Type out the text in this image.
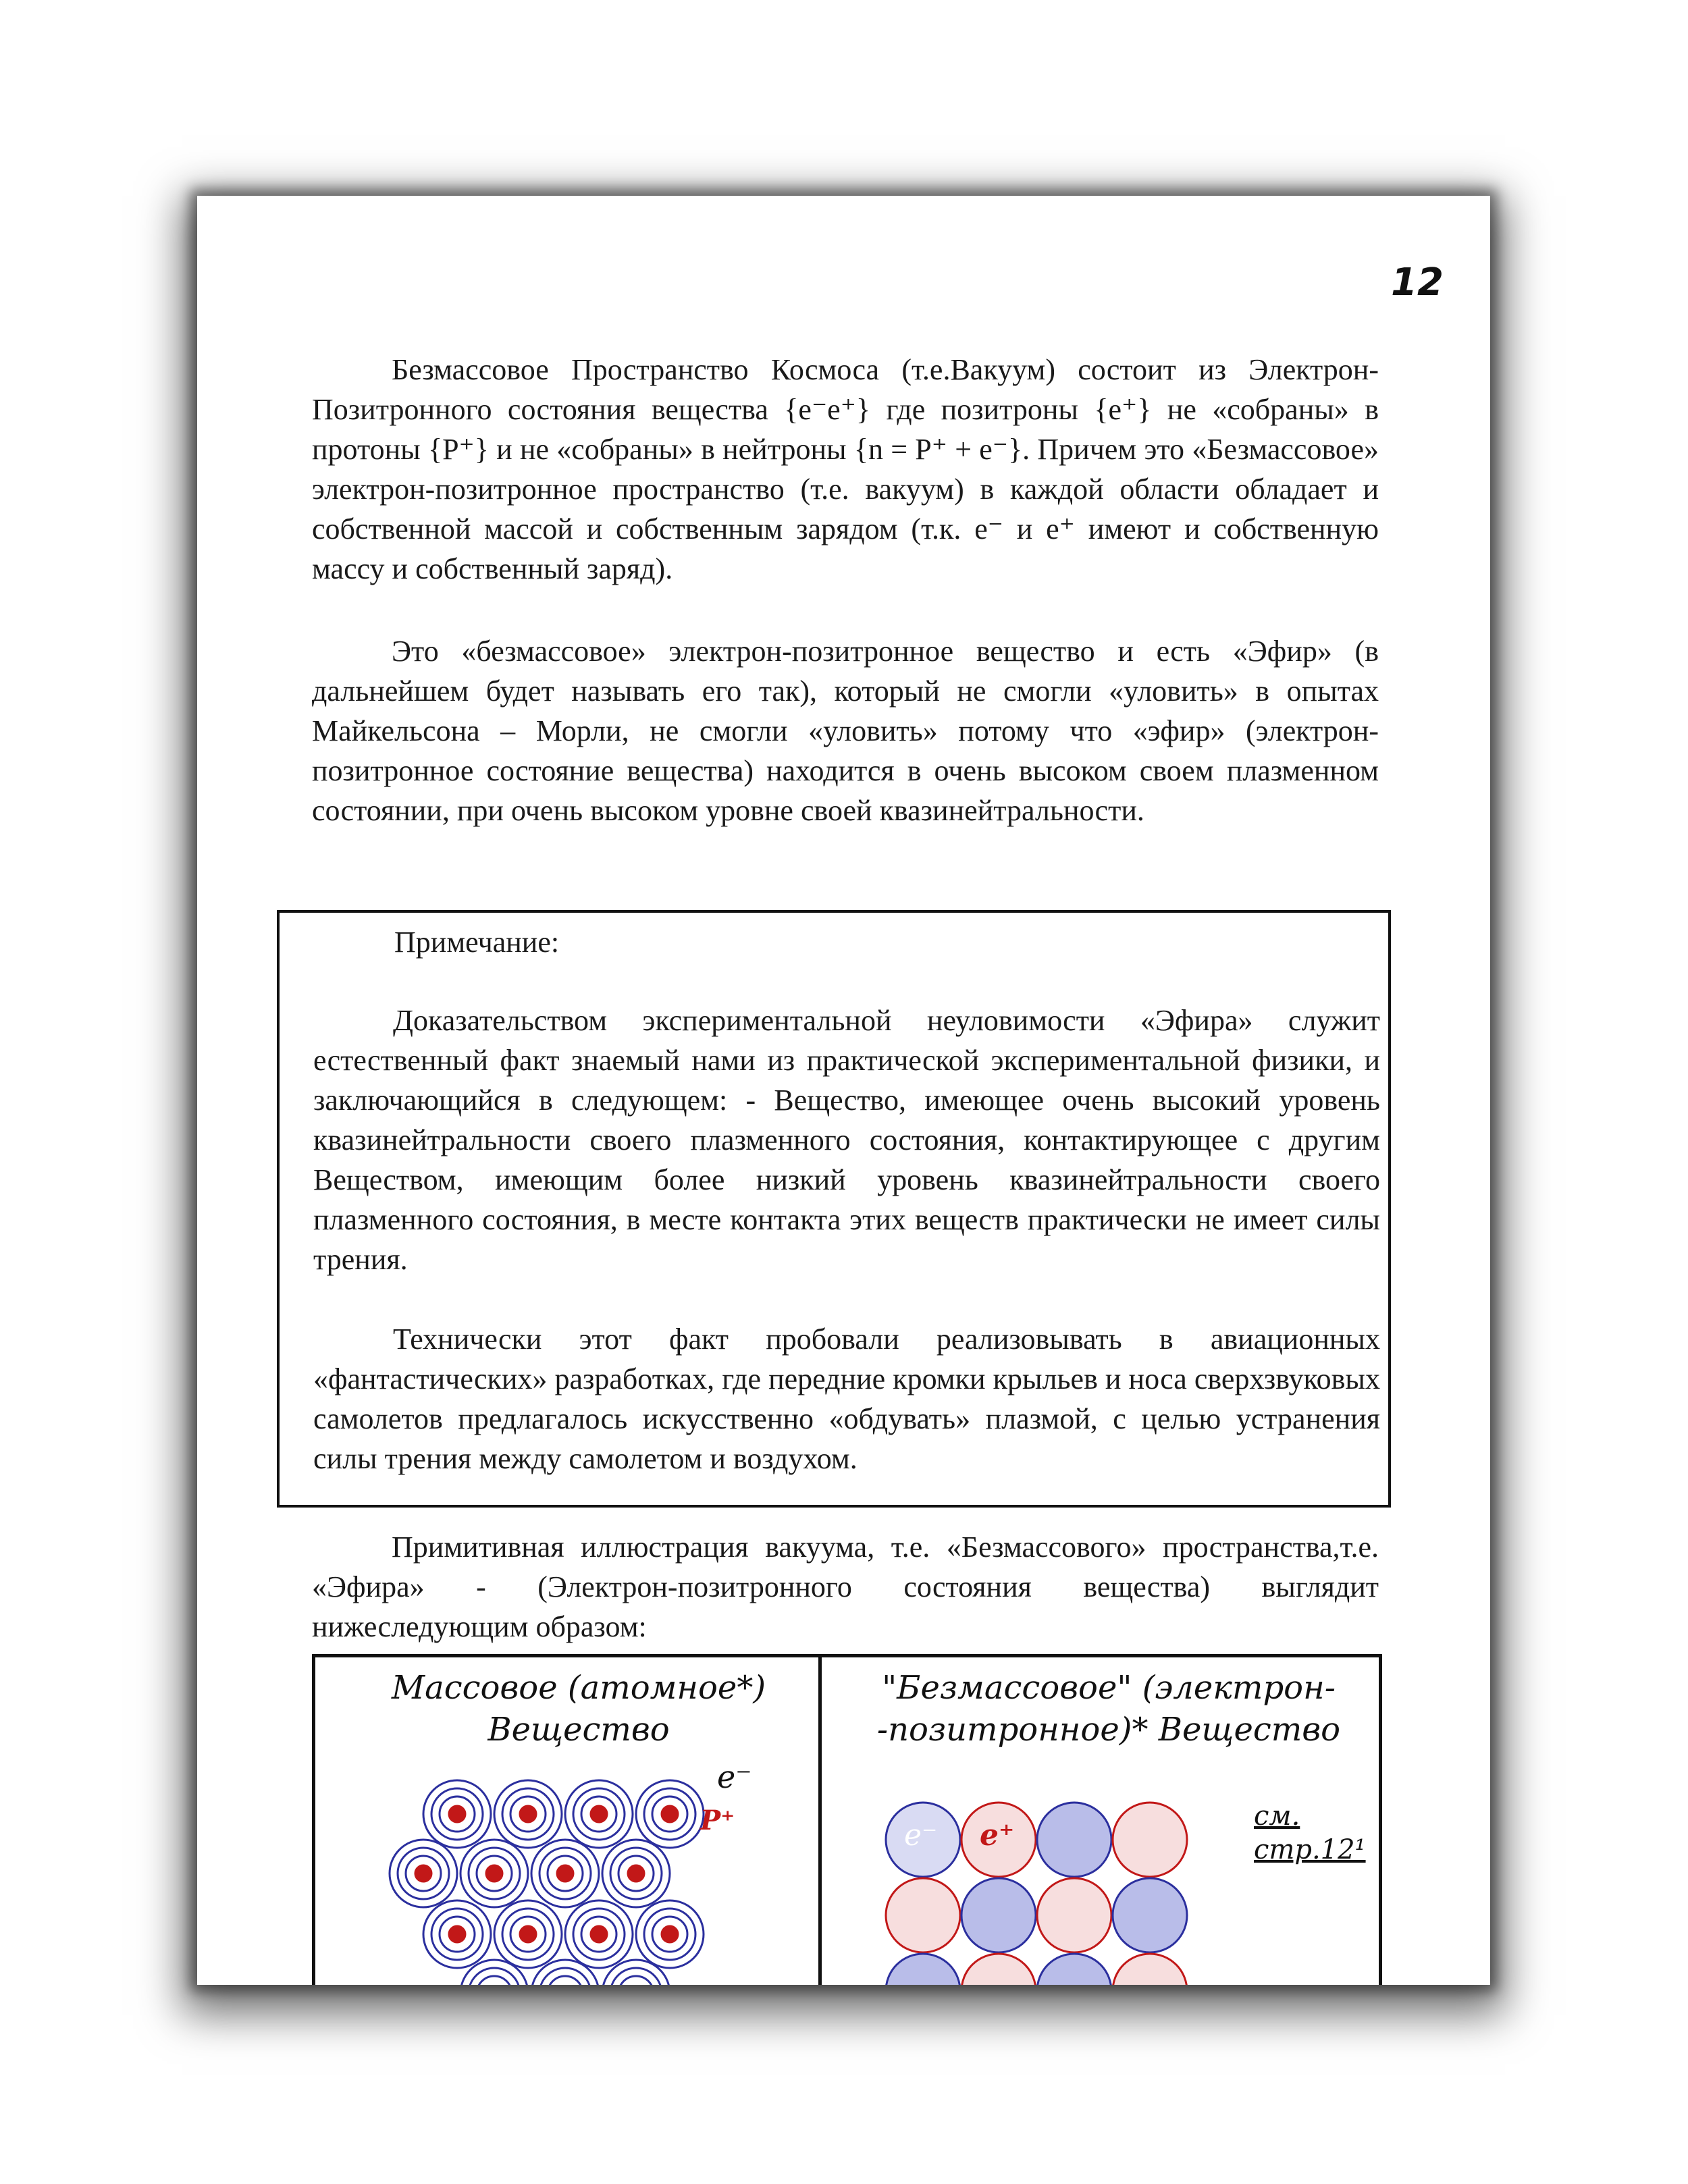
12

Безмассовое Пространство Космоса (т.е.Вакуум) состоит из Электрон-Позитронного состояния вещества {e⁻e⁺} где позитроны {e⁺} не «собраны» в протоны {P⁺} и не «собраны» в нейтроны {n = P⁺ + e⁻}. Причем это «Безмассовое» электрон-позитронное пространство (т.е. вакуум) в каждой области обладает и собственной массой и собственным зарядом (т.к. e⁻ и e⁺ имеют и собственную массу и собственный заряд).

Это «безмассовое» электрон-позитронное вещество и есть «Эфир» (в дальнейшем будет называть его так), который не смогли «уловить» в опытах Майкельсона – Морли, не смогли «уловить» потому что «эфир» (электрон-позитронное состояние вещества) находится в очень высоком своем плазменном состоянии, при очень высоком уровне своей квазинейтральности.

Примечание:

Доказательством экспериментальной неуловимости «Эфира» служит естественный факт знаемый нами из практической экспериментальной физики, и заключающийся в следующем: - Вещество, имеющее очень высокий уровень квазинейтральности своего плазменного состояния, контактирующее с другим Веществом, имеющим более низкий уровень квазинейтральности своего плазменного состояния, в месте контакта этих веществ практически не имеет силы трения.

Технически этот факт пробовали реализовывать в авиационных «фантастических» разработках, где передние кромки крыльев и носа сверхзвуковых самолетов предлагалось искусственно «обдувать» плазмой, с целью устранения силы трения между самолетом и воздухом.

Примитивная иллюстрация вакуума, т.е. «Безмассового» пространства,т.е. «Эфира» - (Электрон-позитронного состояния вещества) выглядит нижеследующим образом:

Массовое (атомное*)
Вещество
"Безмассовое" (электрон-
-позитронное)* Вещество
см.
стр.12¹
e⁻
P⁺	e⁻ e⁺
